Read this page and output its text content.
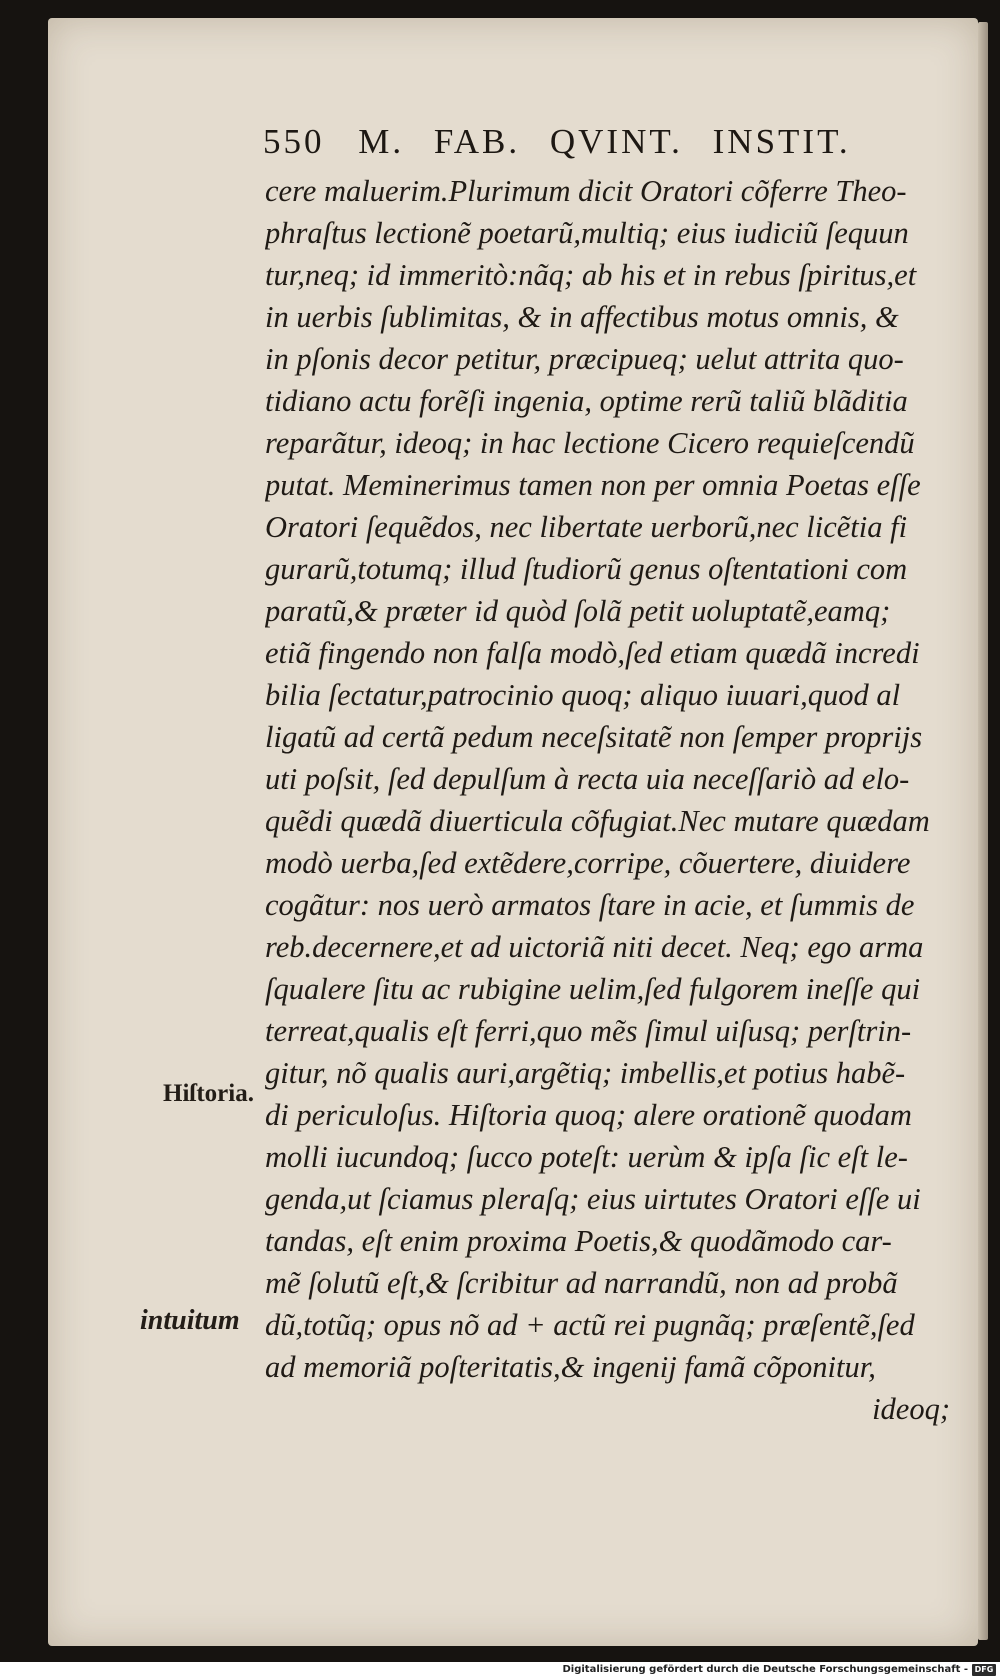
550 M. FAB. QVINT. INSTIT.
cere maluerim.Plurimum dicit Oratori cõferre Theo-
phraſtus lectionẽ poetarũ,multiq; eius iudiciũ ſequun
tur,neq; id immeritò:nãq; ab his et in rebus ſpiritus,et
in uerbis ſublimitas, & in affectibus motus omnis, &
in pſonis decor petitur, præcipueq; uelut attrita quo-
tidiano actu forẽſi ingenia, optime rerũ taliũ blãditia
reparãtur, ideoq; in hac lectione Cicero requieſcendũ
putat. Meminerimus tamen non per omnia Poetas eſſe
Oratori ſequẽdos, nec libertate uerborũ,nec licẽtia fi
gurarũ,totumq; illud ſtudiorũ genus oſtentationi com
paratũ,& præter id quòd ſolã petit uoluptatẽ,eamq;
etiã fingendo non falſa modò,ſed etiam quædã incredi
bilia ſectatur,patrocinio quoq; aliquo iuuari,quod al
ligatũ ad certã pedum neceſsitatẽ non ſemper proprijs
uti poſsit, ſed depulſum à recta uia neceſſariò ad elo-
quẽdi quædã diuerticula cõfugiat.Nec mutare quædam
modò uerba,ſed extẽdere,corripe, cõuertere, diuidere
cogãtur: nos uerò armatos ſtare in acie, et ſummis de
reb.decernere,et ad uictoriã niti decet. Neq; ego arma
ſqualere ſitu ac rubigine uelim,ſed fulgorem ineſſe qui
terreat,qualis eſt ferri,quo mẽs ſimul uiſusq; perſtrin-
gitur, nõ qualis auri,argẽtiq; imbellis,et potius habẽ-
di periculoſus. Hiſtoria quoq; alere orationẽ quodam
molli iucundoq; ſucco poteſt: uerùm & ipſa ſic eſt le-
genda,ut ſciamus pleraſq; eius uirtutes Oratori eſſe ui
tandas, eſt enim proxima Poetis,& quodãmodo car-
mẽ ſolutũ eſt,& ſcribitur ad narrandũ, non ad probã
dũ,totũq; opus nõ ad + actũ rei pugnãq; præſentẽ,ſed
ad memoriã poſteritatis,& ingenij famã cõponitur,
ideoq;
Hiſtoria.
intuitum
Digitalisierung gefördert durch die Deutsche Forschungsgemeinschaft - DFG
